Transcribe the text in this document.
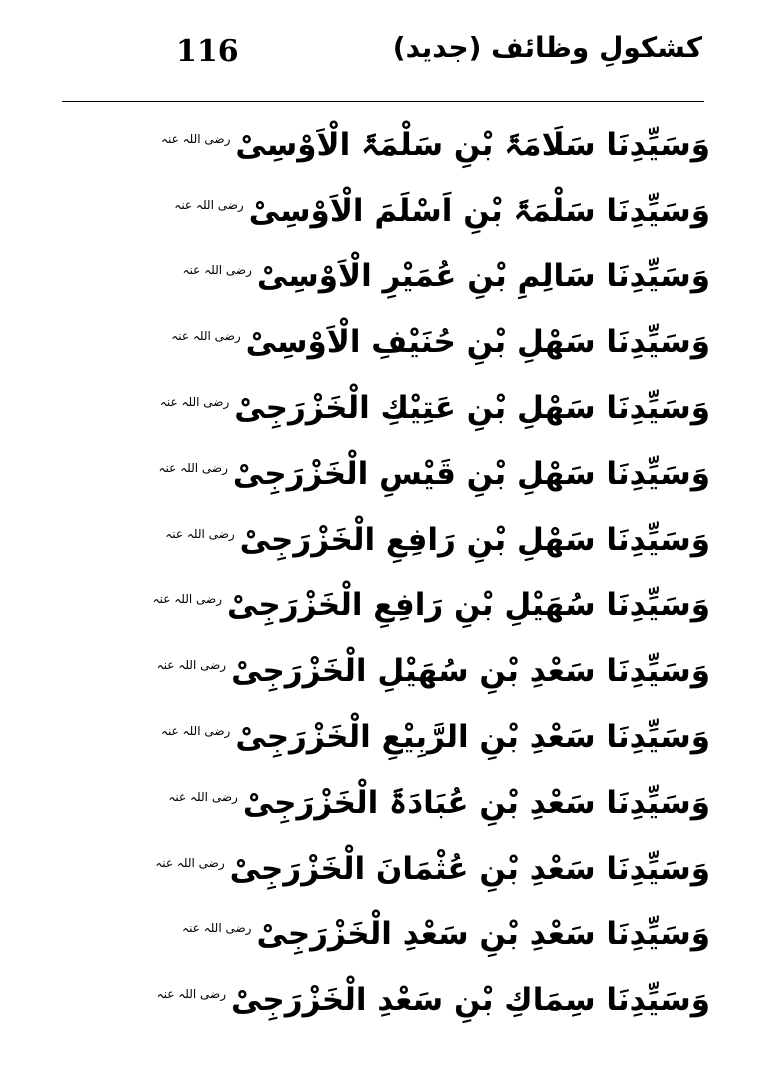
116	کشکولِ وظائف (جدید)
وَسَیِّدِنَا سَلَامَۃَ بْنِ سَلْمَۃَ الْاَوْسِیْ
رضی اللہ عنہ
وَسَیِّدِنَا سَلْمَۃَ بْنِ اَسْلَمَ الْاَوْسِیْ
رضی اللہ عنہ
وَسَیِّدِنَا سَالِمِ بْنِ عُمَیْرِ الْاَوْسِیْ
رضی اللہ عنہ
وَسَیِّدِنَا سَهْلِ بْنِ حُنَیْفِ الْاَوْسِیْ
رضی اللہ عنہ
وَسَیِّدِنَا سَهْلِ بْنِ عَتِیْكِ الْخَزْرَجِیْ
رضی اللہ عنہ
وَسَیِّدِنَا سَهْلِ بْنِ قَیْسِ الْخَزْرَجِیْ
رضی اللہ عنہ
وَسَیِّدِنَا سَهْلِ بْنِ رَافِعِ الْخَزْرَجِیْ
رضی اللہ عنہ
وَسَیِّدِنَا سُهَیْلِ بْنِ رَافِعِ الْخَزْرَجِیْ
رضی اللہ عنہ
وَسَیِّدِنَا سَعْدِ بْنِ سُهَیْلِ الْخَزْرَجِیْ
رضی اللہ عنہ
وَسَیِّدِنَا سَعْدِ بْنِ الرَّبِیْعِ الْخَزْرَجِیْ
رضی اللہ عنہ
وَسَیِّدِنَا سَعْدِ بْنِ عُبَادَۃَ الْخَزْرَجِیْ
رضی اللہ عنہ
وَسَیِّدِنَا سَعْدِ بْنِ عُثْمَانَ الْخَزْرَجِیْ
رضی اللہ عنہ
وَسَیِّدِنَا سَعْدِ بْنِ سَعْدِ الْخَزْرَجِیْ
رضی اللہ عنہ
وَسَیِّدِنَا سِمَاكِ بْنِ سَعْدِ الْخَزْرَجِیْ
رضی اللہ عنہ
